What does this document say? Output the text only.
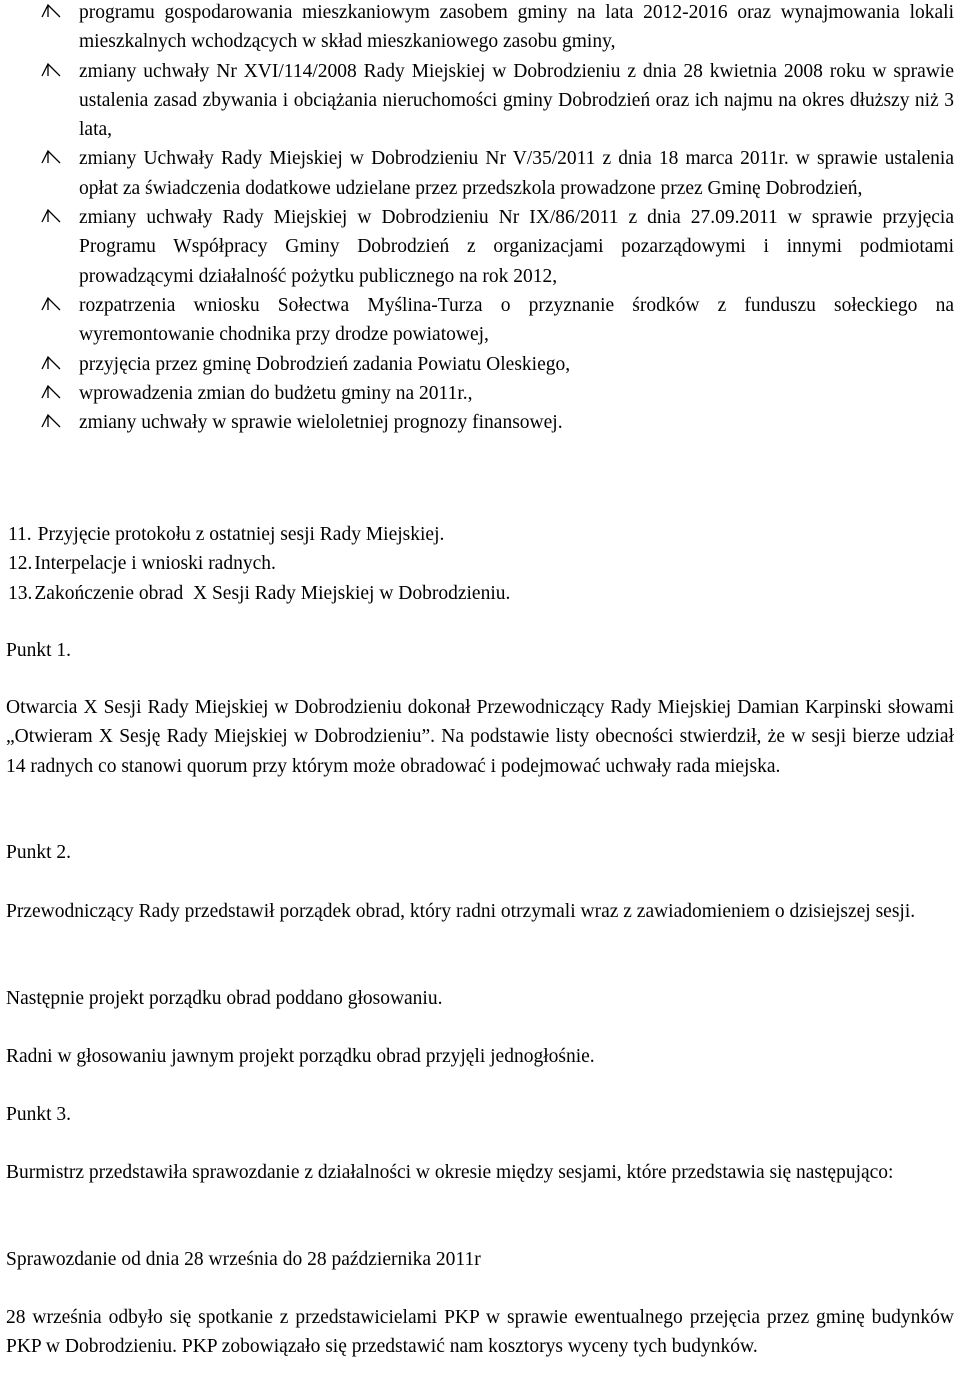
programu gospodarowania mieszkaniowym zasobem gminy na lata 2012-2016 oraz wynajmowania lokali mieszkalnych wchodzących w skład mieszkaniowego zasobu gminy,
zmiany uchwały Nr XVI/114/2008 Rady Miejskiej w Dobrodzieniu z dnia 28 kwietnia 2008 roku w sprawie ustalenia zasad zbywania i obciążania nieruchomości gminy Dobrodzień oraz ich najmu na okres dłuższy niż 3 lata,
zmiany Uchwały Rady Miejskiej w Dobrodzieniu Nr V/35/2011 z dnia 18 marca 2011r. w sprawie ustalenia opłat za świadczenia dodatkowe udzielane przez przedszkola prowadzone przez Gminę Dobrodzień,
zmiany uchwały Rady Miejskiej w Dobrodzieniu Nr IX/86/2011 z dnia 27.09.2011 w sprawie przyjęcia Programu Współpracy Gminy Dobrodzień z organizacjami pozarządowymi i innymi podmiotami prowadzącymi działalność pożytku publicznego na rok 2012,
rozpatrzenia wniosku Sołectwa Myślina-Turza o przyznanie środków z funduszu sołeckiego na wyremontowanie chodnika przy drodze powiatowej,
przyjęcia przez gminę Dobrodzień zadania Powiatu Oleskiego,
wprowadzenia zmian do budżetu gminy na 2011r.,
zmiany uchwały w sprawie wieloletniej prognozy finansowej.
11. Przyjęcie protokołu z ostatniej sesji Rady Miejskiej.
12. Interpelacje i wnioski radnych.
13. Zakończenie obrad  X Sesji Rady Miejskiej w Dobrodzieniu.

Punkt 1.

Otwarcia X Sesji Rady Miejskiej w Dobrodzieniu dokonał Przewodniczący Rady Miejskiej Damian Karpinski słowami „Otwieram X Sesję Rady Miejskiej w Dobrodzieniu”. Na podstawie listy obecności stwierdził, że w sesji bierze udział 14 radnych co stanowi quorum przy którym może obradować i podejmować uchwały rada miejska.

Punkt 2.

Przewodniczący Rady przedstawił porządek obrad, który radni otrzymali wraz z zawiadomieniem o dzisiejszej sesji.

Następnie projekt porządku obrad poddano głosowaniu.

Radni w głosowaniu jawnym projekt porządku obrad przyjęli jednogłośnie.

Punkt 3.

Burmistrz przedstawiła sprawozdanie z działalności w okresie między sesjami, które przedstawia się następująco:

Sprawozdanie od dnia 28 września do 28 października 2011r

28 września odbyło się spotkanie z przedstawicielami PKP w sprawie ewentualnego przejęcia przez gminę budynków PKP w Dobrodzieniu. PKP zobowiązało się przedstawić nam kosztorys wyceny tych budynków.
